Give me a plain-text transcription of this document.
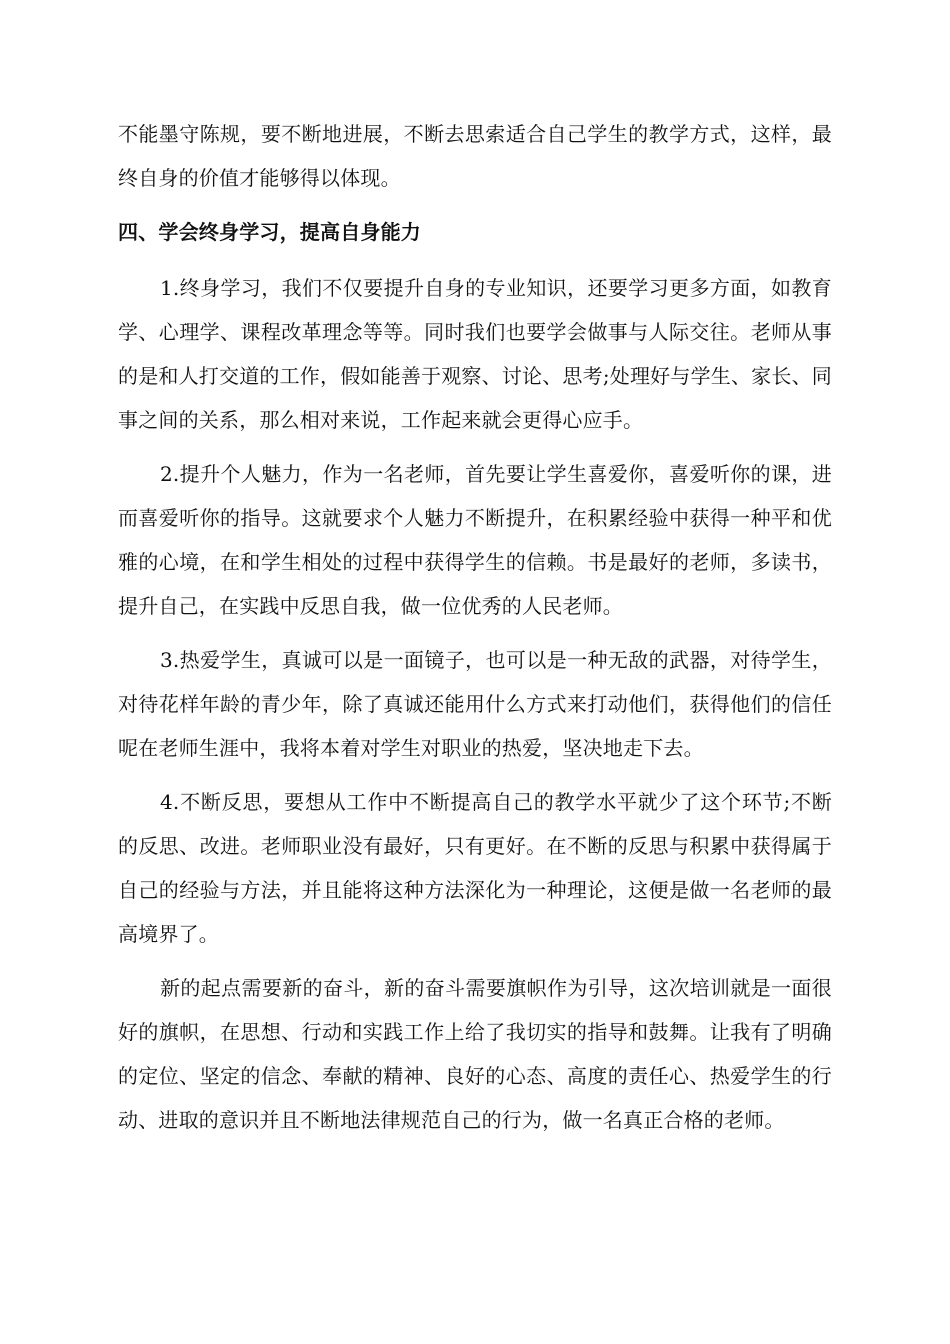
不能墨守陈规，要不断地进展，不断去思索适合自己学生的教学方式，这样，最终自身的价值才能够得以体现。

四、学会终身学习，提高自身能力

1.终身学习，我们不仅要提升自身的专业知识，还要学习更多方面，如教育学、心理学、课程改革理念等等。同时我们也要学会做事与人际交往。老师从事的是和人打交道的工作，假如能善于观察、讨论、思考;处理好与学生、家长、同事之间的关系，那么相对来说，工作起来就会更得心应手。

2.提升个人魅力，作为一名老师，首先要让学生喜爱你，喜爱听你的课，进而喜爱听你的指导。这就要求个人魅力不断提升，在积累经验中获得一种平和优雅的心境，在和学生相处的过程中获得学生的信赖。书是最好的老师，多读书，提升自己，在实践中反思自我，做一位优秀的人民老师。

3.热爱学生，真诚可以是一面镜子，也可以是一种无敌的武器，对待学生，对待花样年龄的青少年，除了真诚还能用什么方式来打动他们，获得他们的信任呢在老师生涯中，我将本着对学生对职业的热爱，坚决地走下去。

4.不断反思，要想从工作中不断提高自己的教学水平就少了这个环节;不断的反思、改进。老师职业没有最好，只有更好。在不断的反思与积累中获得属于自己的经验与方法，并且能将这种方法深化为一种理论，这便是做一名老师的最高境界了。

新的起点需要新的奋斗，新的奋斗需要旗帜作为引导，这次培训就是一面很好的旗帜，在思想、行动和实践工作上给了我切实的指导和鼓舞。让我有了明确的定位、坚定的信念、奉献的精神、良好的心态、高度的责任心、热爱学生的行动、进取的意识并且不断地法律规范自己的行为，做一名真正合格的老师。
